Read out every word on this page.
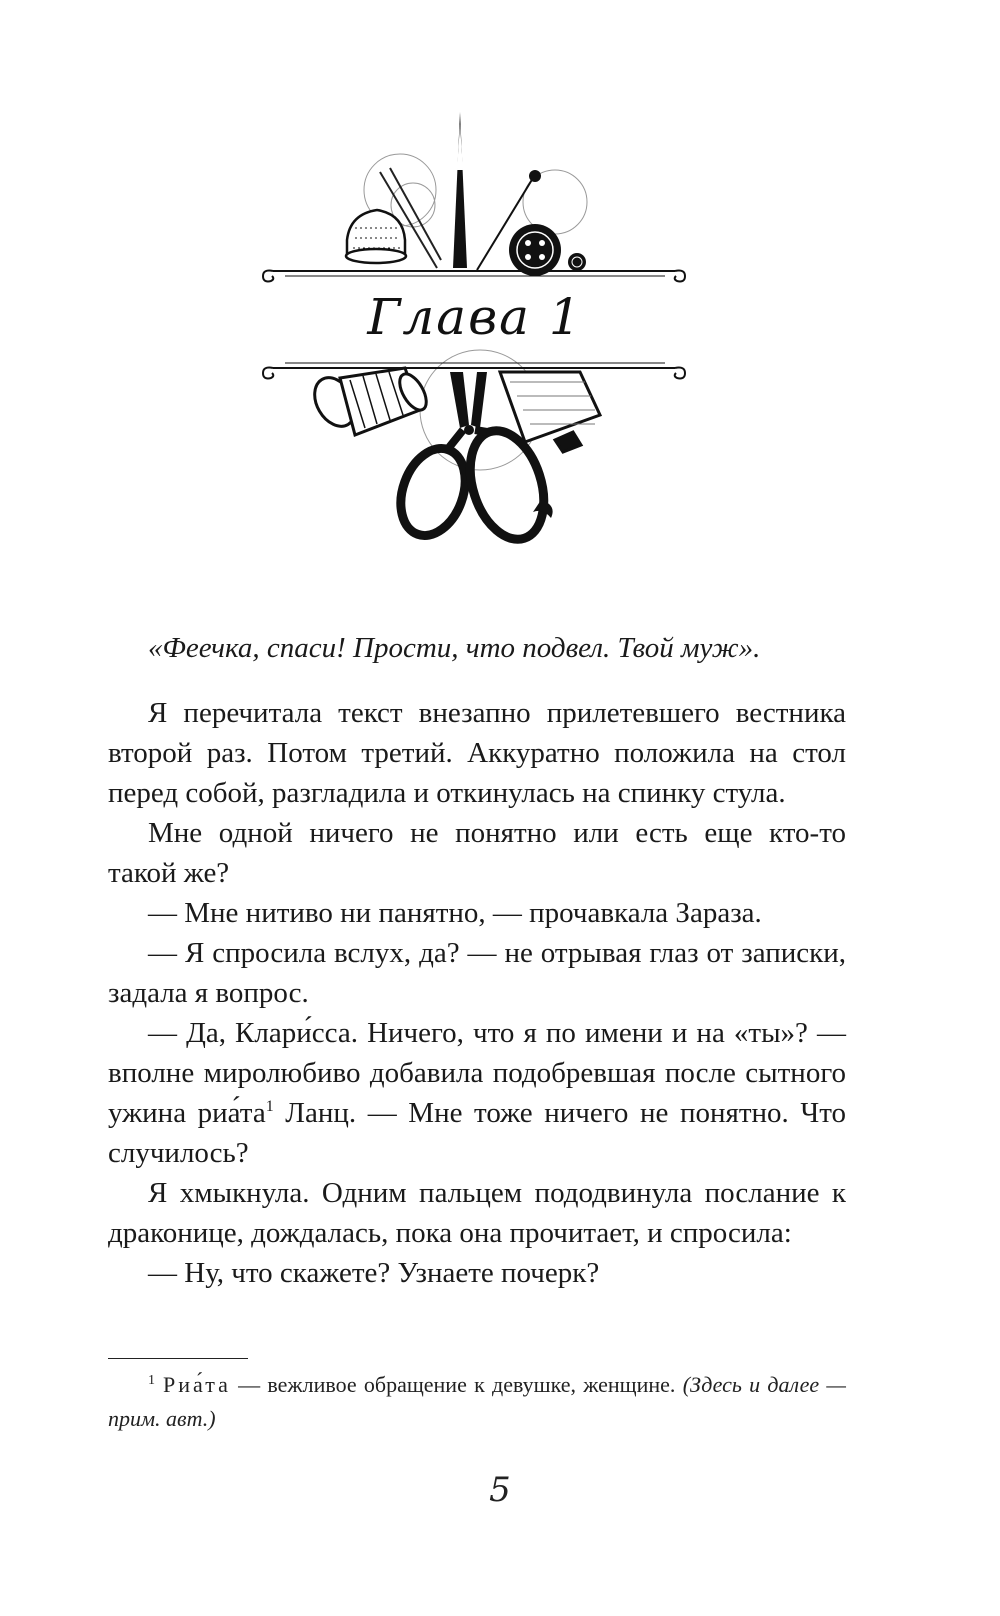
Глава 1

«Феечка, спаси! Прости, что подвел. Твой муж».

Я перечитала текст внезапно прилетевшего вестника второй раз. Потом третий. Аккуратно положила на стол перед собой, разгладила и откинулась на спинку стула.

Мне одной ничего не понятно или есть еще кто-то такой же?

— Мне нитиво ни панятно, — прочавкала Зараза.

— Я спросила вслух, да? — не отрывая глаз от записки, задала я вопрос.

— Да, Клари́сса. Ничего, что я по имени и на «ты»? — вполне миролюбиво добавила подобревшая после сытного ужина риа́та$^1$ Ланц. — Мне тоже ничего не понятно. Что случилось?

Я хмыкнула. Одним пальцем пододвинула послание к драконице, дождалась, пока она прочитает, и спросила:

— Ну, что скажете? Узнаете почерк?

$^1$ Риа́та — вежливое обращение к девушке, женщине. (Здесь и далее — прим. авт.)
5
